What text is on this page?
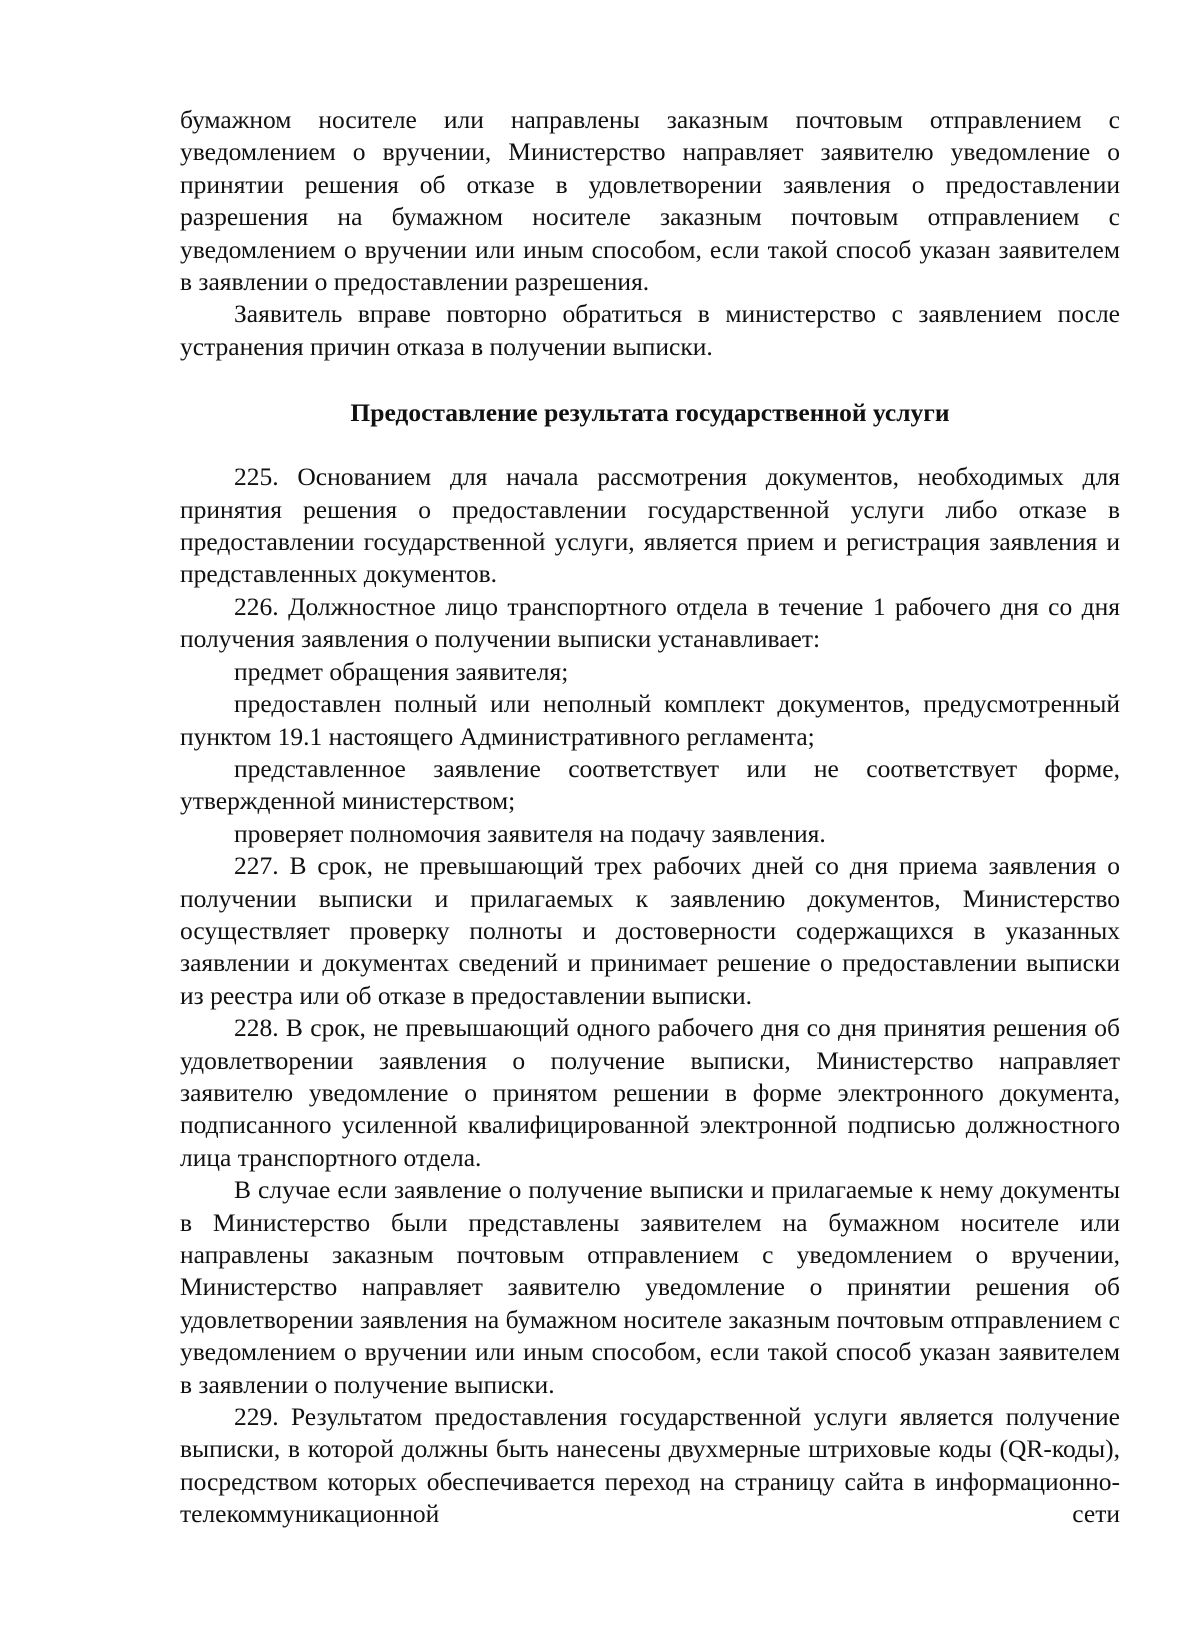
бумажном носителе или направлены заказным почтовым отправлением с уведомлением о вручении, Министерство направляет заявителю уведомление о принятии решения об отказе в удовлетворении заявления о предоставлении разрешения на бумажном носителе заказным почтовым отправлением с уведомлением о вручении или иным способом, если такой способ указан заявителем в заявлении о предоставлении разрешения.

Заявитель вправе повторно обратиться в министерство с заявлением после устранения причин отказа в получении выписки.

Предоставление результата государственной услуги

225. Основанием для начала рассмотрения документов, необходимых для принятия решения о предоставлении государственной услуги либо отказе в предоставлении государственной услуги, является прием и регистрация заявления и представленных документов.

226. Должностное лицо транспортного отдела в течение 1 рабочего дня со дня получения заявления о получении выписки устанавливает:

предмет обращения заявителя;

предоставлен полный или неполный комплект документов, предусмотренный пунктом 19.1 настоящего Административного регламента;

представленное заявление соответствует или не соответствует форме, утвержденной министерством;

проверяет полномочия заявителя на подачу заявления.

227. В срок, не превышающий трех рабочих дней со дня приема заявления о получении выписки и прилагаемых к заявлению документов, Министерство осуществляет проверку полноты и достоверности содержащихся в указанных заявлении и документах сведений и принимает решение о предоставлении выписки из реестра или об отказе в предоставлении выписки.

228. В срок, не превышающий одного рабочего дня со дня принятия решения об удовлетворении заявления о получение выписки, Министерство направляет заявителю уведомление о принятом решении в форме электронного документа, подписанного усиленной квалифицированной электронной подписью должностного лица транспортного отдела.

В случае если заявление о получение выписки и прилагаемые к нему документы в Министерство были представлены заявителем на бумажном носителе или направлены заказным почтовым отправлением с уведомлением о вручении, Министерство направляет заявителю уведомление о принятии решения об удовлетворении заявления на бумажном носителе заказным почтовым отправлением с уведомлением о вручении или иным способом, если такой способ указан заявителем в заявлении о получение выписки.

229. Результатом предоставления государственной услуги является получение выписки, в которой должны быть нанесены двухмерные штриховые коды (QR-коды), посредством которых обеспечивается переход на страницу сайта в информационно-телекоммуникационной сети
